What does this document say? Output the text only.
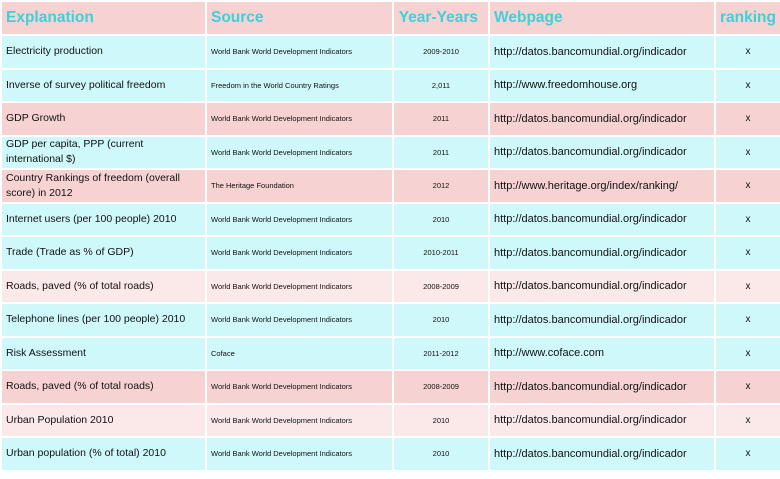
Explanation	Source	Year-Years	Webpage	ranking
Electricity production	World Bank World Development Indicators	2009-2010	http://datos.bancomundial.org/indicador	x
Inverse of survey political freedom	Freedom in the World Country Ratings	2,011	http://www.freedomhouse.org	x
GDP Growth	World Bank World Development Indicators	2011	http://datos.bancomundial.org/indicador	x
GDP per capita, PPP (current international $)	World Bank World Development Indicators	2011	http://datos.bancomundial.org/indicador	x
Country Rankings of freedom (overall score) in 2012	The Heritage Foundation	2012	http://www.heritage.org/index/ranking/	x
Internet users (per 100 people) 2010	World Bank World Development Indicators	2010	http://datos.bancomundial.org/indicador	x
Trade (Trade as % of GDP)	World Bank World Development Indicators	2010-2011	http://datos.bancomundial.org/indicador	x
Roads, paved (% of total roads)	World Bank World Development Indicators	2008-2009	http://datos.bancomundial.org/indicador	x
Telephone lines (per 100 people) 2010	World Bank World Development Indicators	2010	http://datos.bancomundial.org/indicador	x
Risk Assessment	Coface	2011-2012	http://www.coface.com	x
Roads, paved (% of total roads)	World Bank World Development Indicators	2008-2009	http://datos.bancomundial.org/indicador	x
Urban Population 2010	World Bank World Development Indicators	2010	http://datos.bancomundial.org/indicador	x
Urban population (% of total) 2010	World Bank World Development Indicators	2010	http://datos.bancomundial.org/indicador	x
